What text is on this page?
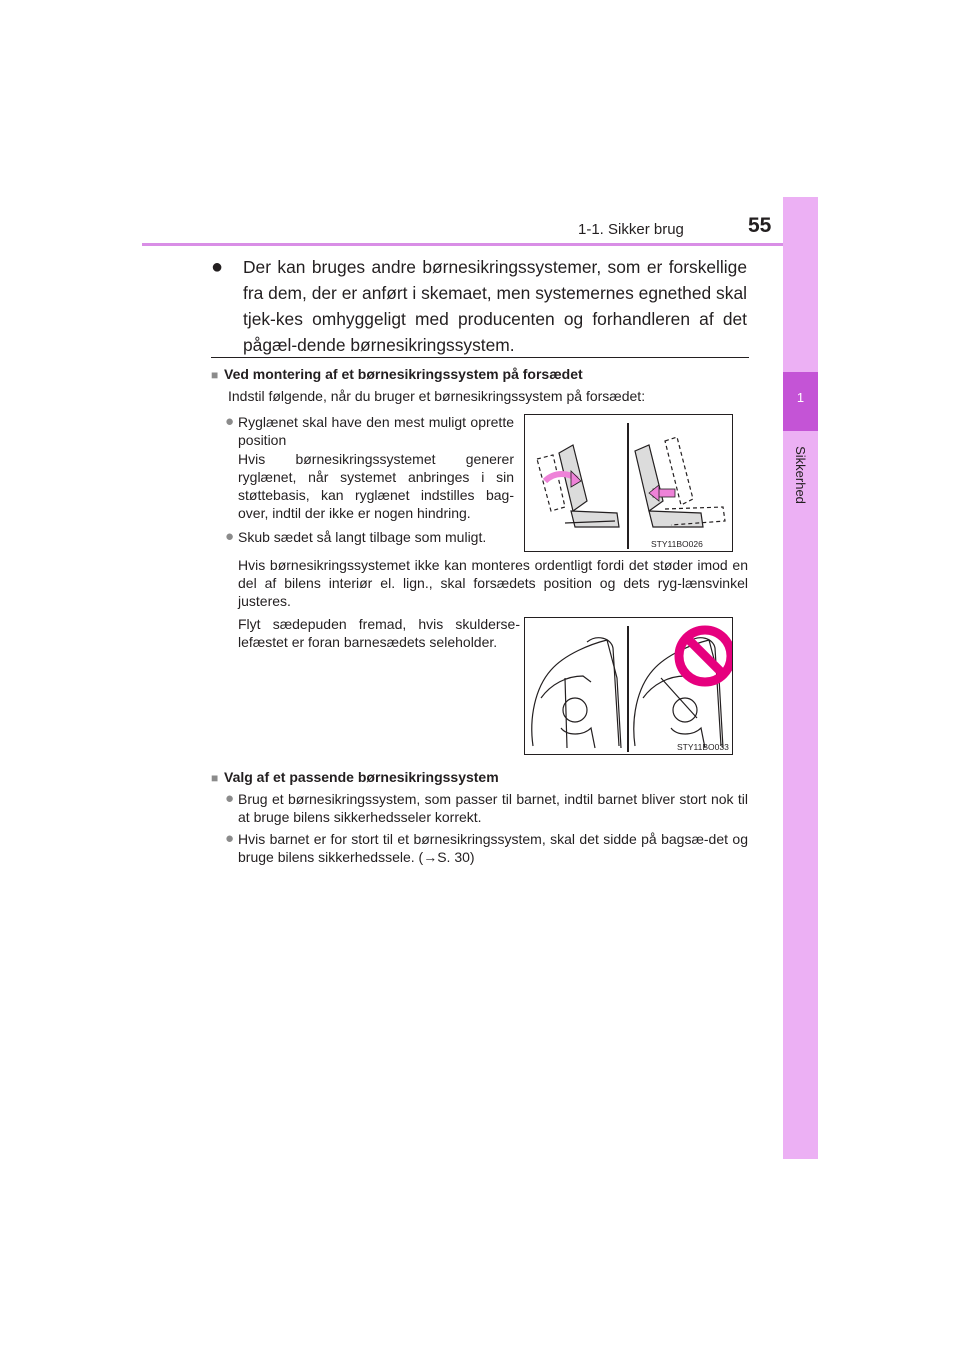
1-1. Sikker brug	55
1
Sikkerhed
● Der kan bruges andre børnesikringssystemer, som er forskellige fra dem, der er anført i skemaet, men systemernes egnethed skal tjek-kes omhyggeligt med producenten og forhandleren af det pågæl-dende børnesikringssystem.
■ Ved montering af et børnesikringssystem på forsædet
Indstil følgende, når du bruger et børnesikringssystem på forsædet:
● Ryglænet skal have den mest muligt oprette position
Hvis børnesikringssystemet generer ryglænet, når systemet anbringes i sin støttebasis, kan ryglænet indstilles bag-over, indtil der ikke er nogen hindring.
● Skub sædet så langt tilbage som muligt.	STY11BO026
Hvis børnesikringssystemet ikke kan monteres ordentligt fordi det støder imod en del af bilens interiør el. lign., skal forsædets position og dets ryg-lænsvinkel justeres.
Flyt sædepuden fremad, hvis skulderse-lefæstet er foran barnesædets seleholder.
STY11BO033
■ Valg af et passende børnesikringssystem
● Brug et børnesikringssystem, som passer til barnet, indtil barnet bliver stort nok til at bruge bilens sikkerhedsseler korrekt.
● Hvis barnet er for stort til et børnesikringssystem, skal det sidde på bagsæ-det og bruge bilens sikkerhedssele. (→S. 30)
